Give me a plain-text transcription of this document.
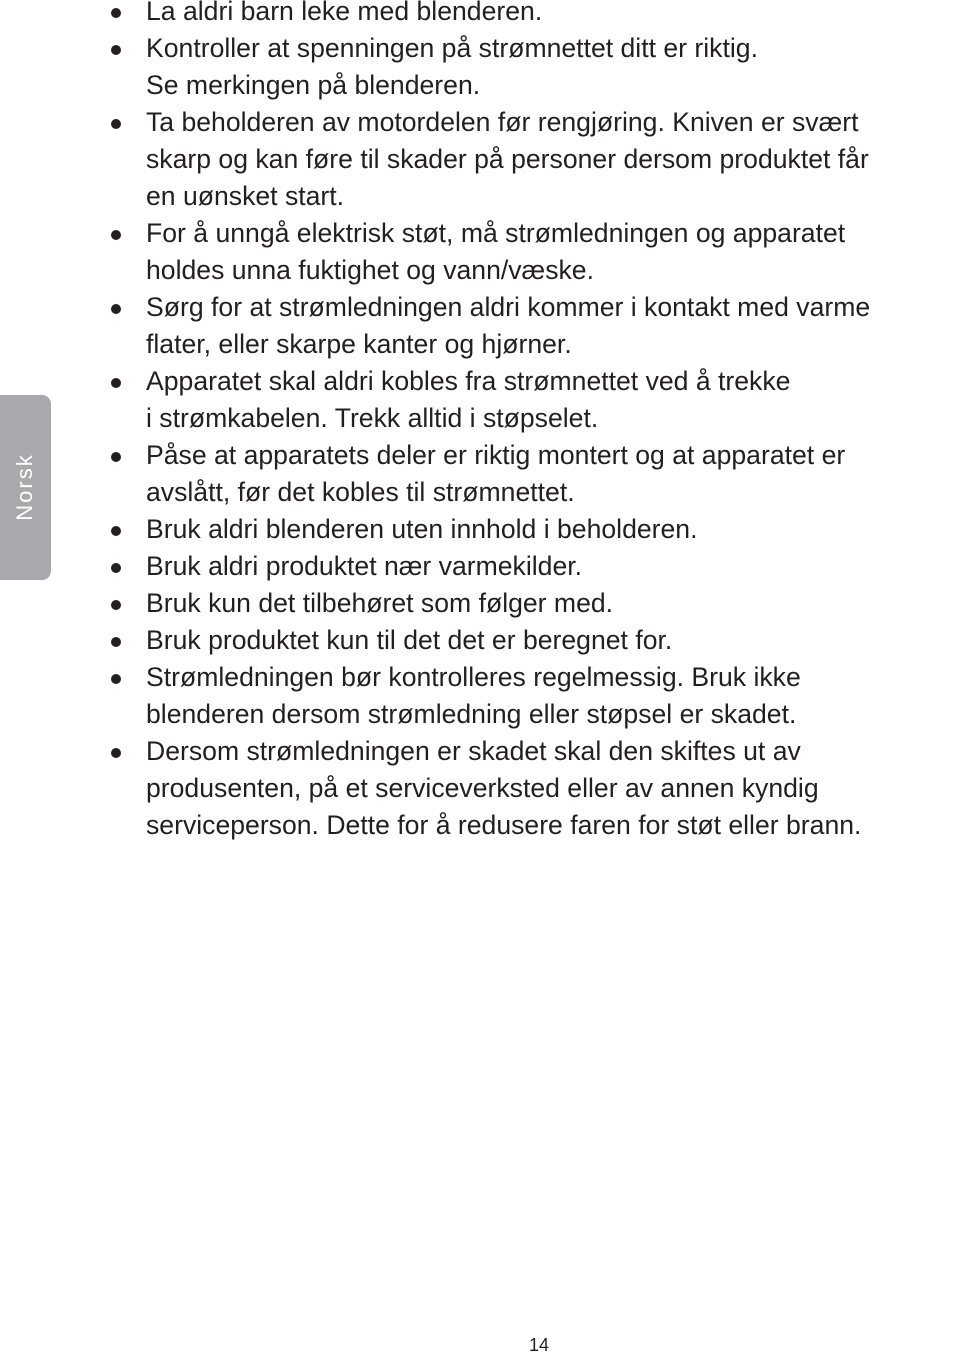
Norsk
La aldri barn leke med blenderen.
Kontroller at spenningen på strømnettet ditt er riktig.
Se merkingen på blenderen.
Ta beholderen av motordelen før rengjøring. Kniven er svært
skarp og kan føre til skader på personer dersom produktet får
en uønsket start.
For å unngå elektrisk støt, må strømledningen og apparatet
holdes unna fuktighet og vann/væske.
Sørg for at strømledningen aldri kommer i kontakt med varme
flater, eller skarpe kanter og hjørner.
Apparatet skal aldri kobles fra strømnettet ved å trekke
i strømkabelen. Trekk alltid i støpselet.
Påse at apparatets deler er riktig montert og at apparatet er
avslått, før det kobles til strømnettet.
Bruk aldri blenderen uten innhold i beholderen.
Bruk aldri produktet nær varmekilder.
Bruk kun det tilbehøret som følger med.
Bruk produktet kun til det det er beregnet for.
Strømledningen bør kontrolleres regelmessig. Bruk ikke
blenderen dersom strømledning eller støpsel er skadet.
Dersom strømledningen er skadet skal den skiftes ut av
produsenten, på et serviceverksted eller av annen kyndig
serviceperson. Dette for å redusere faren for støt eller brann.
14
